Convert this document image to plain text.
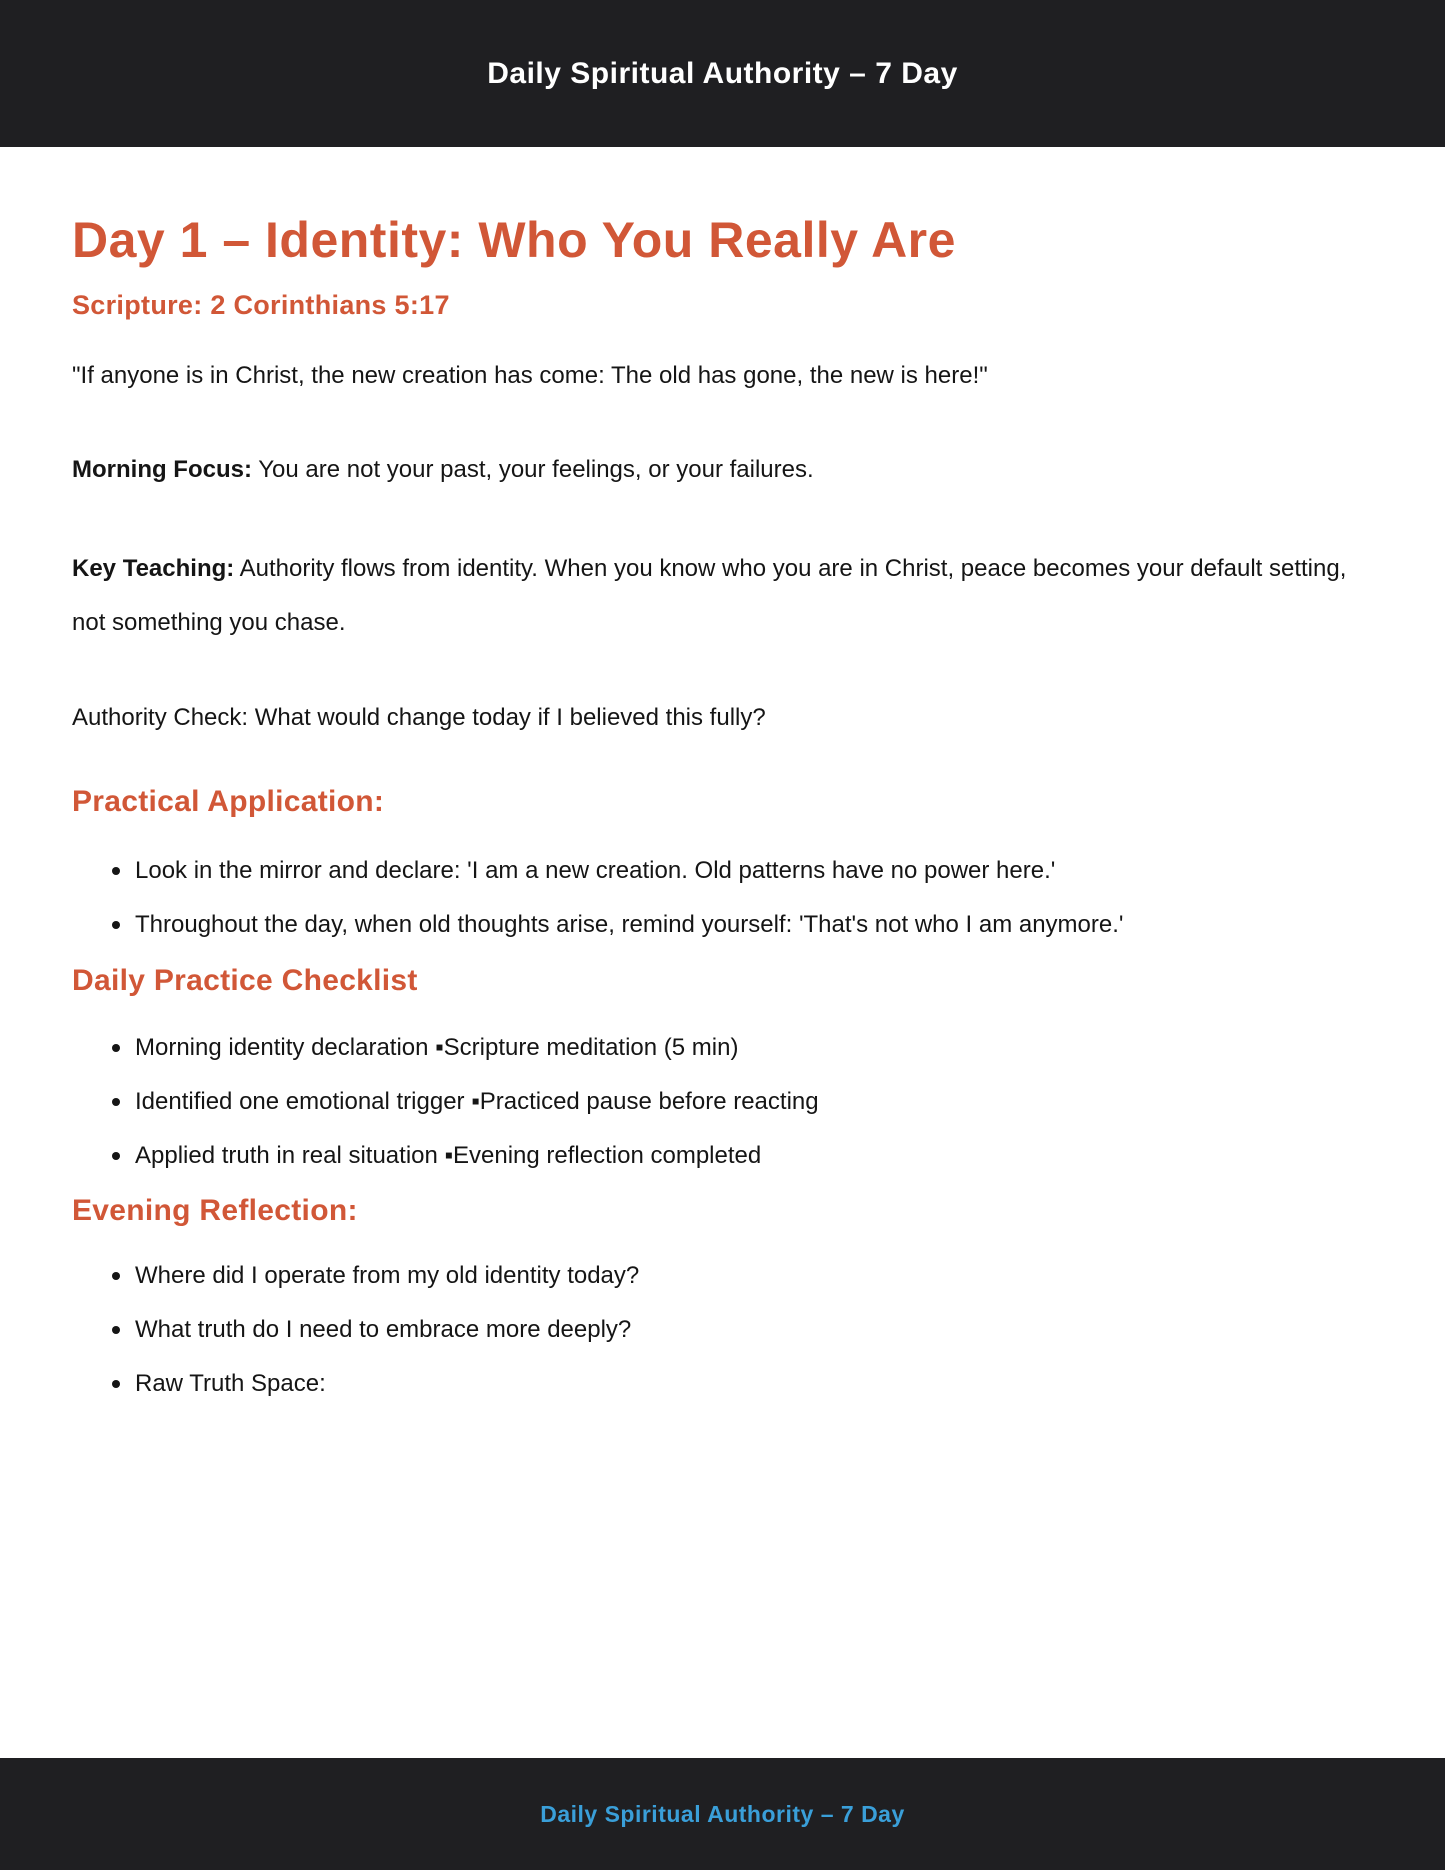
Daily Spiritual Authority – 7 Day
Day 1 – Identity: Who You Really Are
Scripture: 2 Corinthians 5:17

"If anyone is in Christ, the new creation has come: The old has gone, the new is here!"

Morning Focus: You are not your past, your feelings, or your failures.

Key Teaching: Authority flows from identity. When you know who you are in Christ, peace becomes your default setting, not something you chase.

Authority Check: What would change today if I believed this fully?

Practical Application:
Look in the mirror and declare: 'I am a new creation. Old patterns have no power here.'
Throughout the day, when old thoughts arise, remind yourself: 'That's not who I am anymore.'
Daily Practice Checklist
Morning identity declaration ▪Scripture meditation (5 min)
Identified one emotional trigger ▪Practiced pause before reacting
Applied truth in real situation ▪Evening reflection completed
Evening Reflection:
Where did I operate from my old identity today?
What truth do I need to embrace more deeply?
Raw Truth Space:
Daily Spiritual Authority – 7 Day
